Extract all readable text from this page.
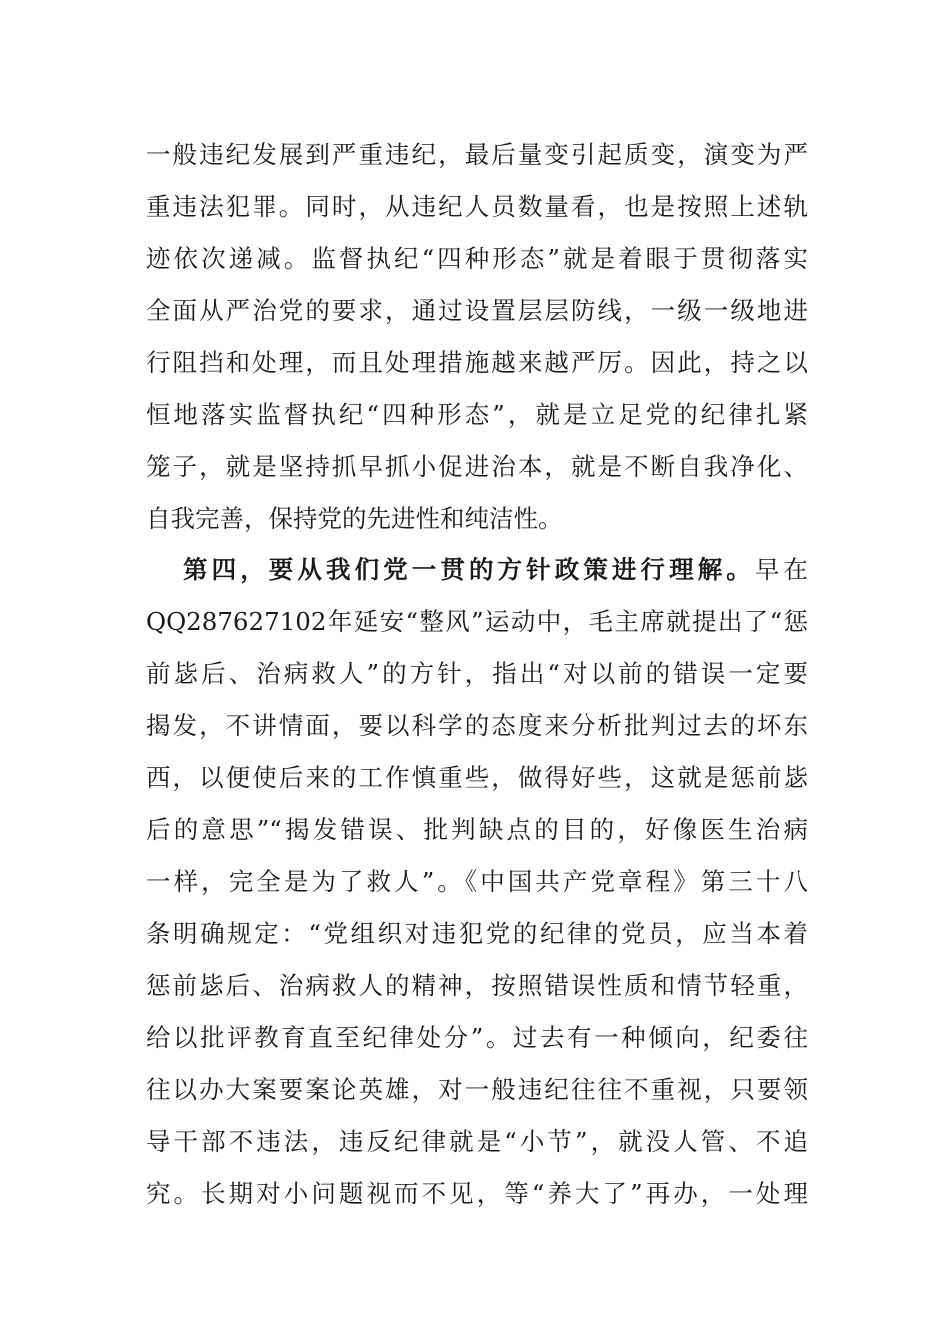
一般违纪发展到严重违纪，最后量变引起质变，演变为严
重违法犯罪。同时，从违纪人员数量看，也是按照上述轨
迹依次递减。监督执纪“四种形态”就是着眼于贯彻落实
全面从严治党的要求，通过设置层层防线，一级一级地进
行阻挡和处理，而且处理措施越来越严厉。因此，持之以
恒地落实监督执纪“四种形态”，就是立足党的纪律扎紧
笼子，就是坚持抓早抓小促进治本，就是不断自我净化、
自我完善，保持党的先进性和纯洁性。
第四，要从我们党一贯的方针政策进行理解。早在
QQ287627102年延安“整风”运动中，毛主席就提出了“惩
前毖后、治病救人”的方针，指出“对以前的错误一定要
揭发，不讲情面，要以科学的态度来分析批判过去的坏东
西，以便使后来的工作慎重些，做得好些，这就是惩前毖
后的意思”“揭发错误、批判缺点的目的，好像医生治病
一样，完全是为了救人”。《中国共产党章程》第三十八
条明确规定：“党组织对违犯党的纪律的党员，应当本着
惩前毖后、治病救人的精神，按照错误性质和情节轻重，
给以批评教育直至纪律处分”。过去有一种倾向，纪委往
往以办大案要案论英雄，对一般违纪往往不重视，只要领
导干部不违法，违反纪律就是“小节”，就没人管、不追
究。长期对小问题视而不见，等“养大了”再办，一处理
